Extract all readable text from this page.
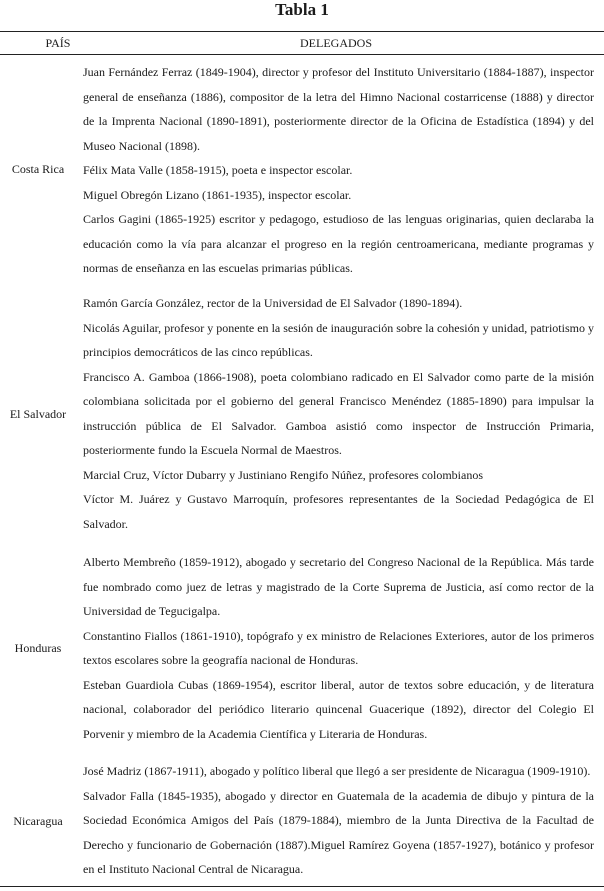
Tabla 1
PAÍS	DELEGADOS
Costa Rica

Juan Fernández Ferraz (1849-1904), director y profesor del Instituto Universitario (1884-1887), inspector general de enseñanza (1886), compositor de la letra del Himno Nacional costarricense (1888) y director de la Imprenta Nacional (1890-1891), posteriormente director de la Oficina de Estadística (1894) y del Museo Nacional (1898).

Félix Mata Valle (1858-1915), poeta e inspector escolar.

Miguel Obregón Lizano (1861-1935), inspector escolar.

Carlos Gagini (1865-1925) escritor y pedagogo, estudioso de las lenguas originarias, quien declaraba la educación como la vía para alcanzar el progreso en la región centroamericana, mediante programas y normas de enseñanza en las escuelas primarias públicas.

El Salvador

Ramón García González, rector de la Universidad de El Salvador (1890-1894).

Nicolás Aguilar, profesor y ponente en la sesión de inauguración sobre la cohesión y unidad, patriotismo y principios democráticos de las cinco repúblicas.

Francisco A. Gamboa (1866-1908), poeta colombiano radicado en El Salvador como parte de la misión colombiana solicitada por el gobierno del general Francisco Menéndez (1885-1890) para impulsar la instrucción pública de El Salvador. Gamboa asistió como inspector de Instrucción Primaria, posteriormente fundo la Escuela Normal de Maestros.

Marcial Cruz, Víctor Dubarry y Justiniano Rengifo Núñez, profesores colombianos

Víctor M. Juárez y Gustavo Marroquín, profesores representantes de la Sociedad Pedagógica de El Salvador.

Honduras

Alberto Membreño (1859-1912), abogado y secretario del Congreso Nacional de la República. Más tarde fue nombrado como juez de letras y magistrado de la Corte Suprema de Justicia, así como rector de la Universidad de Tegucigalpa.

Constantino Fiallos (1861-1910), topógrafo y ex ministro de Relaciones Exteriores, autor de los primeros textos escolares sobre la geografía nacional de Honduras.

Esteban Guardiola Cubas (1869-1954), escritor liberal, autor de textos sobre educación, y de literatura nacional, colaborador del periódico literario quincenal Guacerique (1892), director del Colegio El Porvenir y miembro de la Academia Científica y Literaria de Honduras.

Nicaragua

José Madriz (1867-1911), abogado y político liberal que llegó a ser presidente de Nicaragua (1909-1910).

Salvador Falla (1845-1935), abogado y director en Guatemala de la academia de dibujo y pintura de la Sociedad Económica Amigos del País (1879-1884), miembro de la Junta Directiva de la Facultad de Derecho y funcionario de Gobernación (1887).Miguel Ramírez Goyena (1857-1927), botánico y profesor en el Instituto Nacional Central de Nicaragua.
